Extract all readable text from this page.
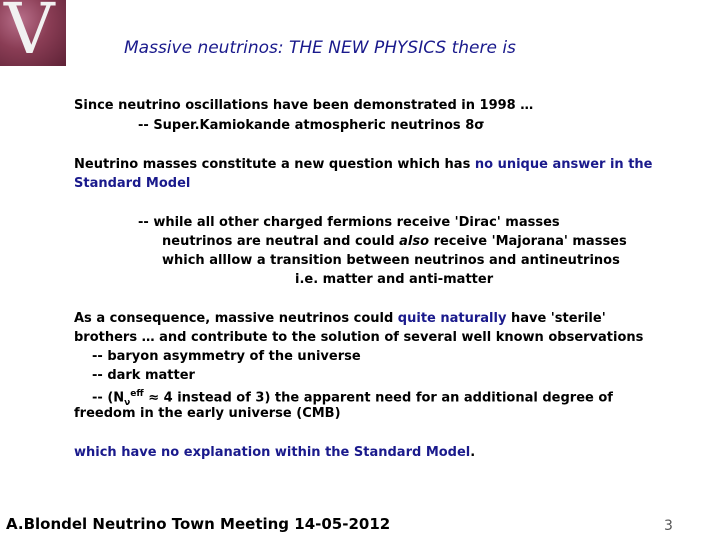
V	Massive neutrinos: THE NEW PHYSICS there is
Since neutrino oscillations have been demonstrated in 1998 …
-- Super.Kamiokande atmospheric neutrinos 8σ
Neutrino masses constitute a new question which has no unique answer in the
Standard Model
-- while all other charged fermions receive 'Dirac' masses
neutrinos are neutral and could also receive 'Majorana' masses
which alllow a transition between neutrinos and antineutrinos
i.e. matter and anti-matter
As a consequence, massive neutrinos could quite naturally have 'sterile'
brothers … and contribute to the solution of several well known observations
-- baryon asymmetry of the universe
-- dark matter
-- ($N_\nu^{eff} \approx 4$ instead of 3) the apparent need for an additional degree of
freedom in the early universe (CMB)
which have no explanation within the Standard Model.
A.Blondel Neutrino Town Meeting 14-05-2012	3
